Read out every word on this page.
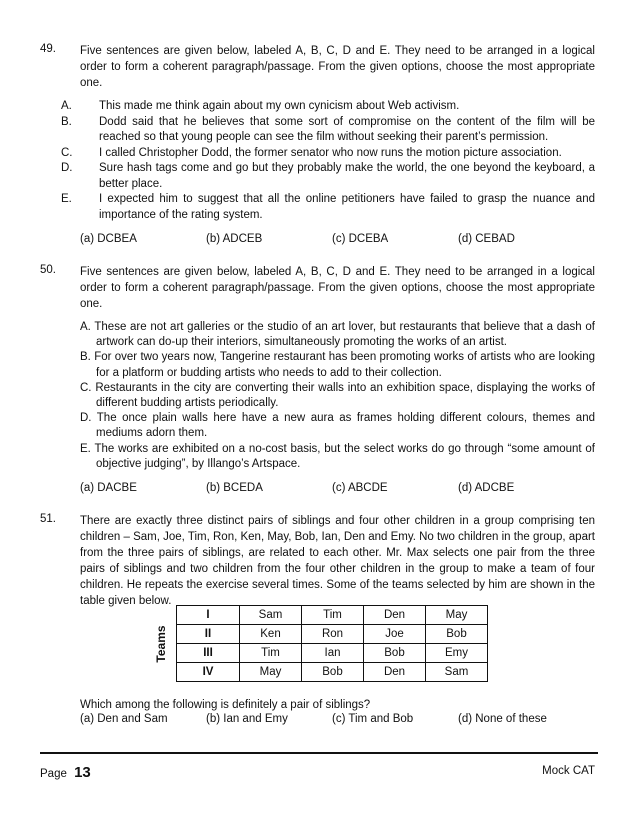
49. Five sentences are given below, labeled A, B, C, D and E. They need to be arranged in a logical order to form a coherent paragraph/passage. From the given options, choose the most appropriate one.
A. This made me think again about my own cynicism about Web activism.
B. Dodd said that he believes that some sort of compromise on the content of the film will be reached so that young people can see the film without seeking their parent’s permission.
C. I called Christopher Dodd, the former senator who now runs the motion picture association.
D. Sure hash tags come and go but they probably make the world, the one beyond the keyboard, a better place.
E. I expected him to suggest that all the online petitioners have failed to grasp the nuance and importance of the rating system.
(a) DCBEA	(b) ADCEB	(c) DCEBA	(d) CEBAD
50. Five sentences are given below, labeled A, B, C, D and E. They need to be arranged in a logical order to form a coherent paragraph/passage. From the given options, choose the most appropriate one.
A. These are not art galleries or the studio of an art lover, but restaurants that believe that a dash of artwork can do-up their interiors, simultaneously promoting the works of an artist.
B. For over two years now, Tangerine restaurant has been promoting works of artists who are looking for a platform or budding artists who needs to add to their collection.
C. Restaurants in the city are converting their walls into an exhibition space, displaying the works of different budding artists periodically.
D. The once plain walls here have a new aura as frames holding different colours, themes and mediums adorn them.
E. The works are exhibited on a no-cost basis, but the select works do go through “some amount of objective judging”, by Illango’s Artspace.
(a) DACBE	(b) BCEDA	(c) ABCDE	(d) ADCBE
51. There are exactly three distinct pairs of siblings and four other children in a group comprising ten children – Sam, Joe, Tim, Ron, Ken, May, Bob, Ian, Den and Emy. No two children in the group, apart from the three pairs of siblings, are related to each other. Mr. Max selects one pair from the three pairs of siblings and two children from the four other children in the group to make a team of four children. He repeats the exercise several times. Some of the teams selected by him are shown in the table given below.
Teams
I	Sam	Tim	Den	May
II	Ken	Ron	Joe	Bob
III	Tim	Ian	Bob	Emy
IV	May	Bob	Den	Sam
Which among the following is definitely a pair of siblings?
(a) Den and Sam	(b) Ian and Emy	(c) Tim and Bob	(d) None of these
Page 13	Mock CAT
